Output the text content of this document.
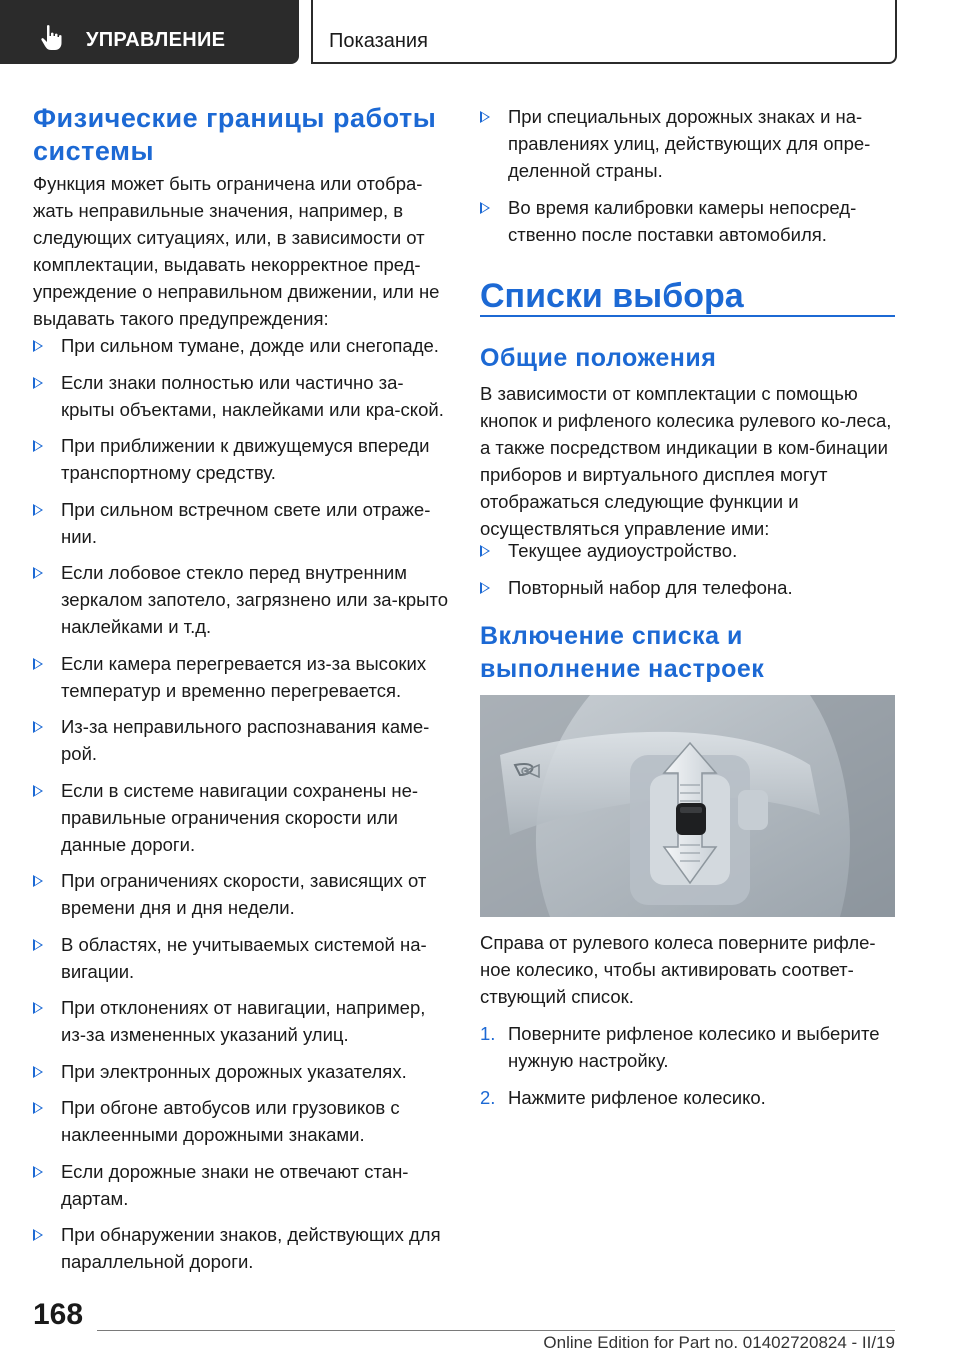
УПРАВЛЕНИЕ	Показания
Физические границы работы системы

Функция может быть ограничена или отобра-жать неправильные значения, например, в следующих ситуациях, или, в зависимости от комплектации, выдавать некорректное пред-упреждение о неправильном движении, или не выдавать такого предупреждения:

При сильном тумане, дожде или снегопаде.
Если знаки полностью или частично за-крыты объектами, наклейками или кра-ской.
При приближении к движущемуся впереди транспортному средству.
При сильном встречном свете или отраже-нии.
Если лобовое стекло перед внутренним зеркалом запотело, загрязнено или за-крыто наклейками и т.д.
Если камера перегревается из-за высоких температур и временно перегревается.
Из-за неправильного распознавания каме-рой.
Если в системе навигации сохранены не-правильные ограничения скорости или данные дороги.
При ограничениях скорости, зависящих от времени дня и дня недели.
В областях, не учитываемых системой на-вигации.
При отклонениях от навигации, например, из-за измененных указаний улиц.
При электронных дорожных указателях.
При обгоне автобусов или грузовиков с наклеенными дорожными знаками.
Если дорожные знаки не отвечают стан-дартам.
При обнаружении знаков, действующих для параллельной дороги.
При специальных дорожных знаках и на-правлениях улиц, действующих для опре-деленной страны.
Во время калибровки камеры непосред-ственно после поставки автомобиля.
Списки выбора
Общие положения

В зависимости от комплектации с помощью кнопок и рифленого колесика рулевого ко-леса, а также посредством индикации в ком-бинации приборов и виртуального дисплея могут отображаться следующие функции и осуществляться управление ими:

Текущее аудиоустройство.
Повторный набор для телефона.
Включение списка и выполнение настроек

Справа от рулевого колеса поверните рифле-ное колесико, чтобы активировать соответ-ствующий список.

1. Поверните рифленое колесико и выберите нужную настройку.
2. Нажмите рифленое колесико.
168
Online Edition for Part no. 01402720824 - II/19
